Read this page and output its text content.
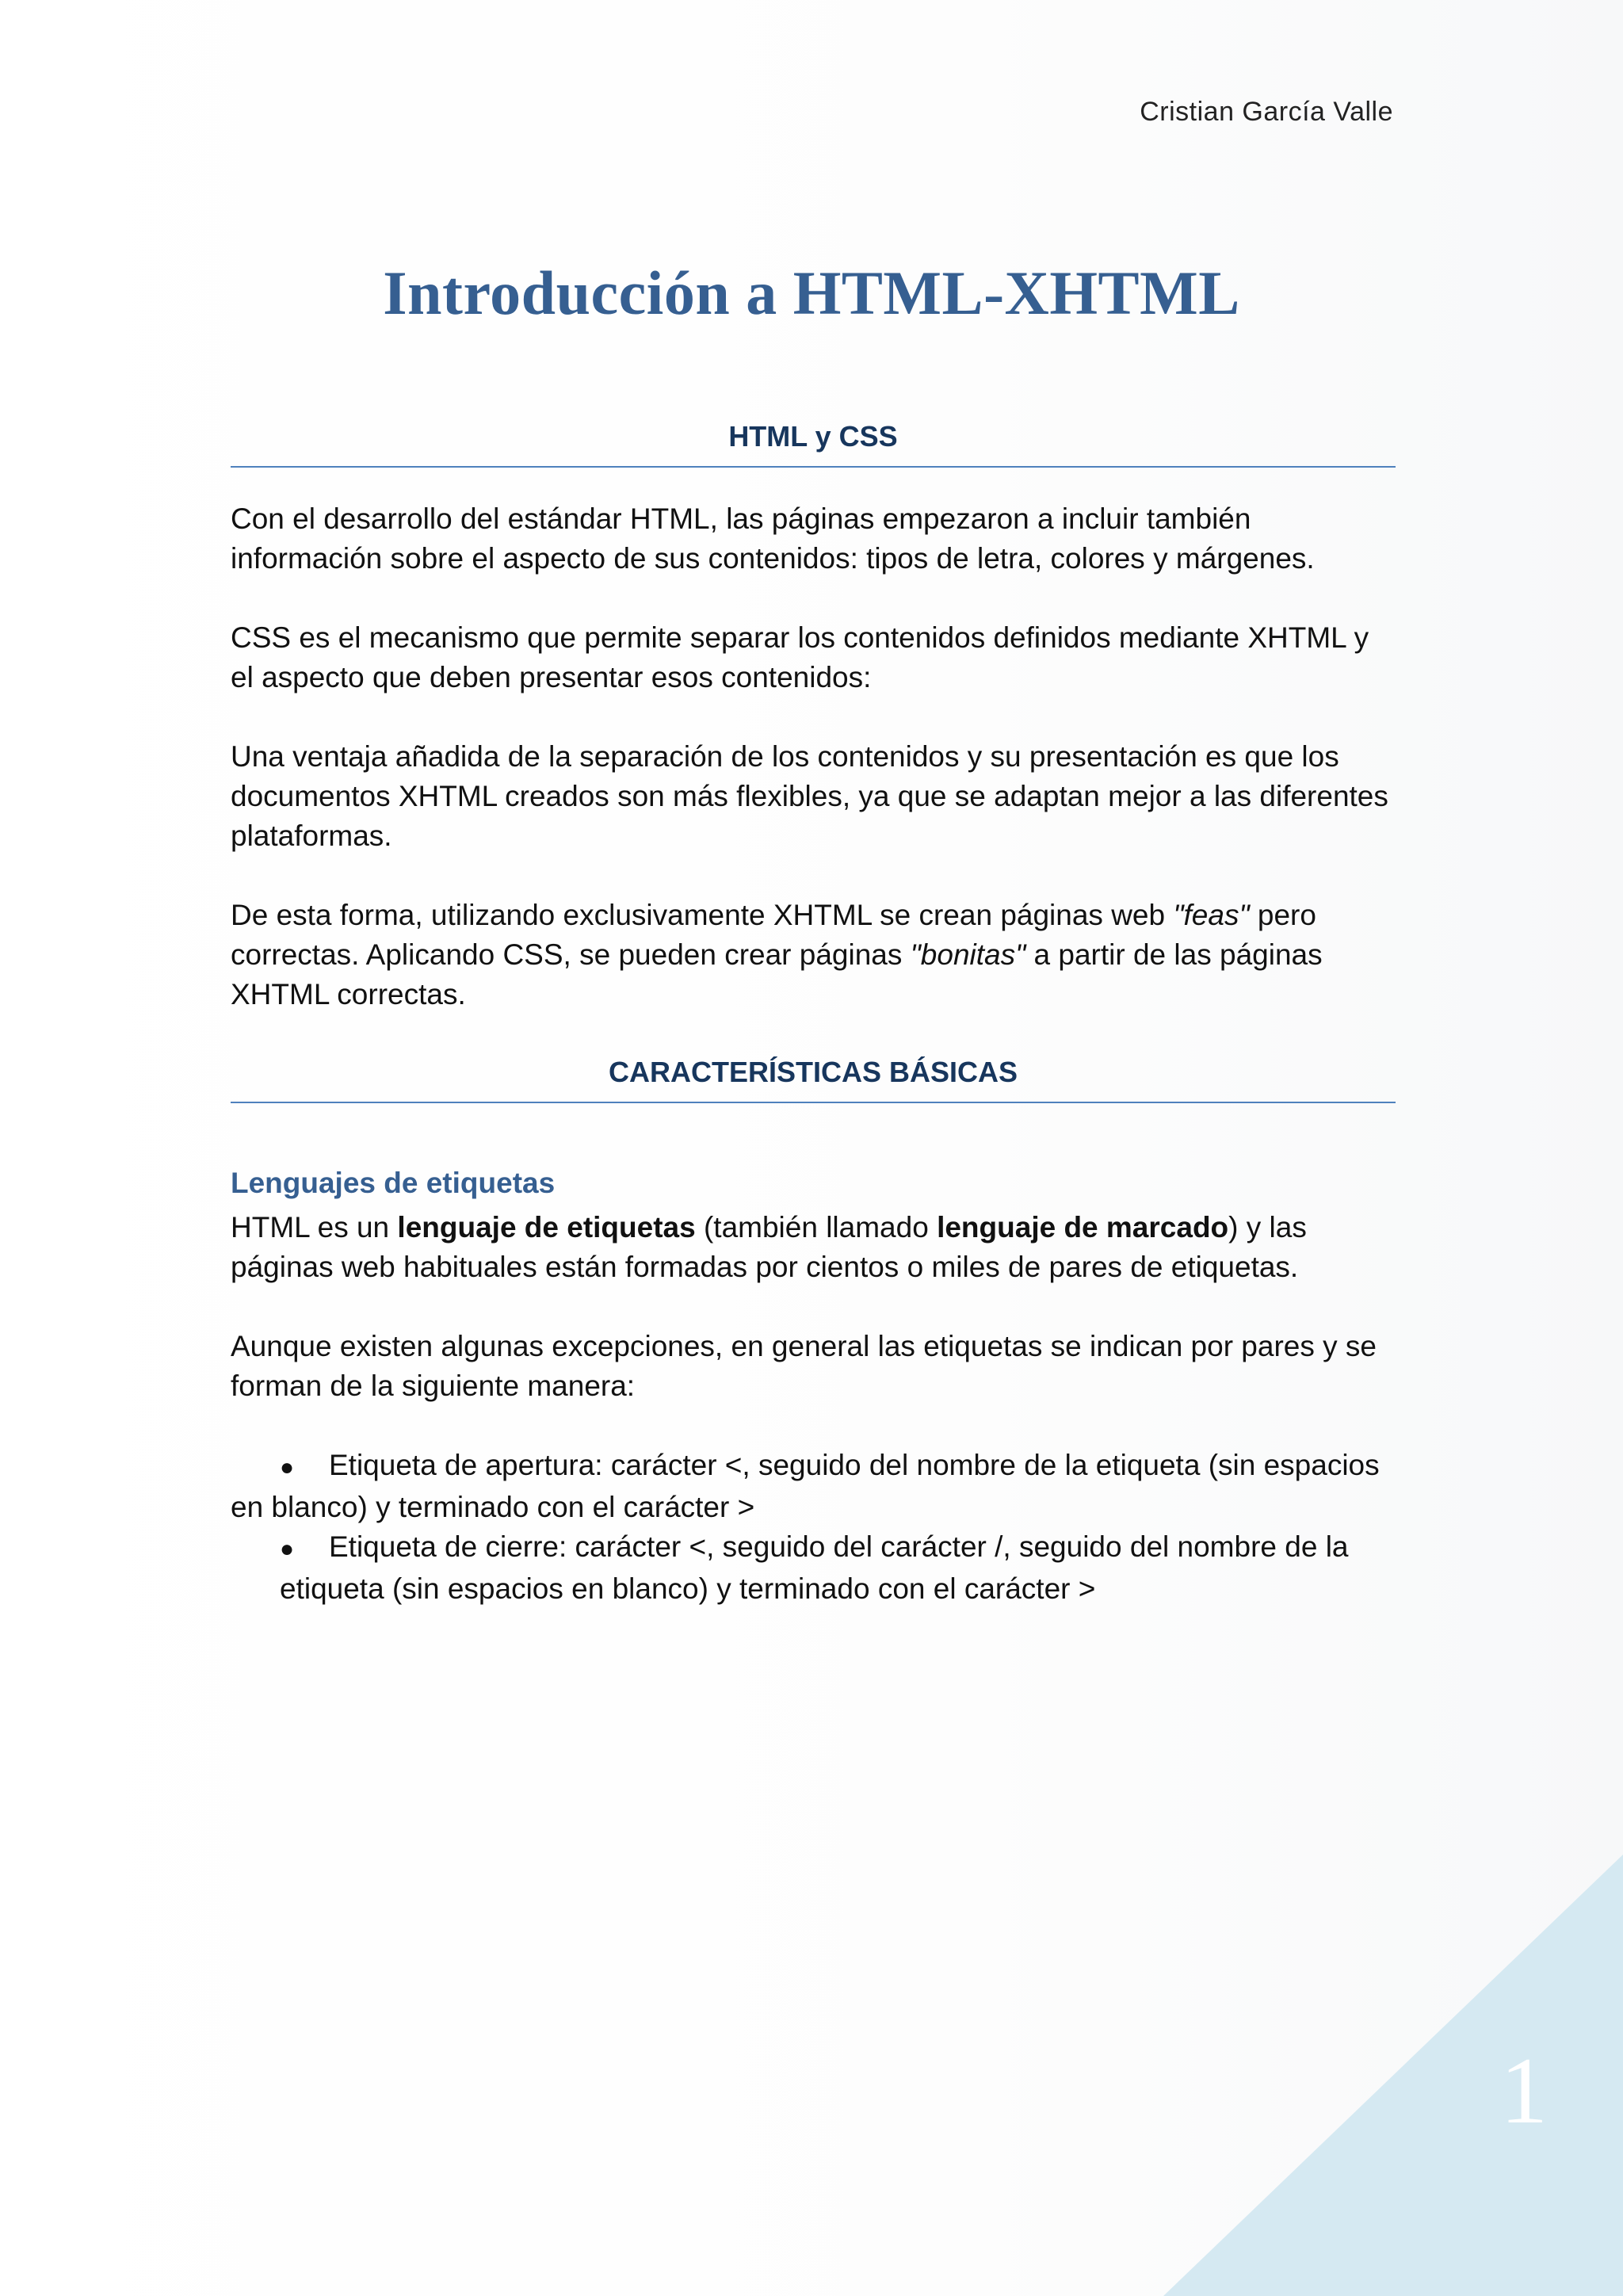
Cristian García Valle
Introducción a HTML-XHTML
HTML y CSS

Con el desarrollo del estándar HTML, las páginas empezaron a incluir también información sobre el aspecto de sus contenidos: tipos de letra, colores y márgenes.

CSS es el mecanismo que permite separar los contenidos definidos mediante XHTML y el aspecto que deben presentar esos contenidos:

Una ventaja añadida de la separación de los contenidos y su presentación es que los documentos XHTML creados son más flexibles, ya que se adaptan mejor a las diferentes plataformas.

De esta forma, utilizando exclusivamente XHTML se crean páginas web "feas" pero correctas. Aplicando CSS, se pueden crear páginas "bonitas" a partir de las páginas XHTML correctas.

CARACTERÍSTICAS BÁSICAS
Lenguajes de etiquetas

HTML es un lenguaje de etiquetas (también llamado lenguaje de marcado) y las páginas web habituales están formadas por cientos o miles de pares de etiquetas.

Aunque existen algunas excepciones, en general las etiquetas se indican por pares y se forman de la siguiente manera:

● Etiqueta de apertura: carácter <, seguido del nombre de la etiqueta (sin espacios en blanco) y terminado con el carácter >
● Etiqueta de cierre: carácter <, seguido del carácter /, seguido del nombre de la etiqueta (sin espacios en blanco) y terminado con el carácter >
1
